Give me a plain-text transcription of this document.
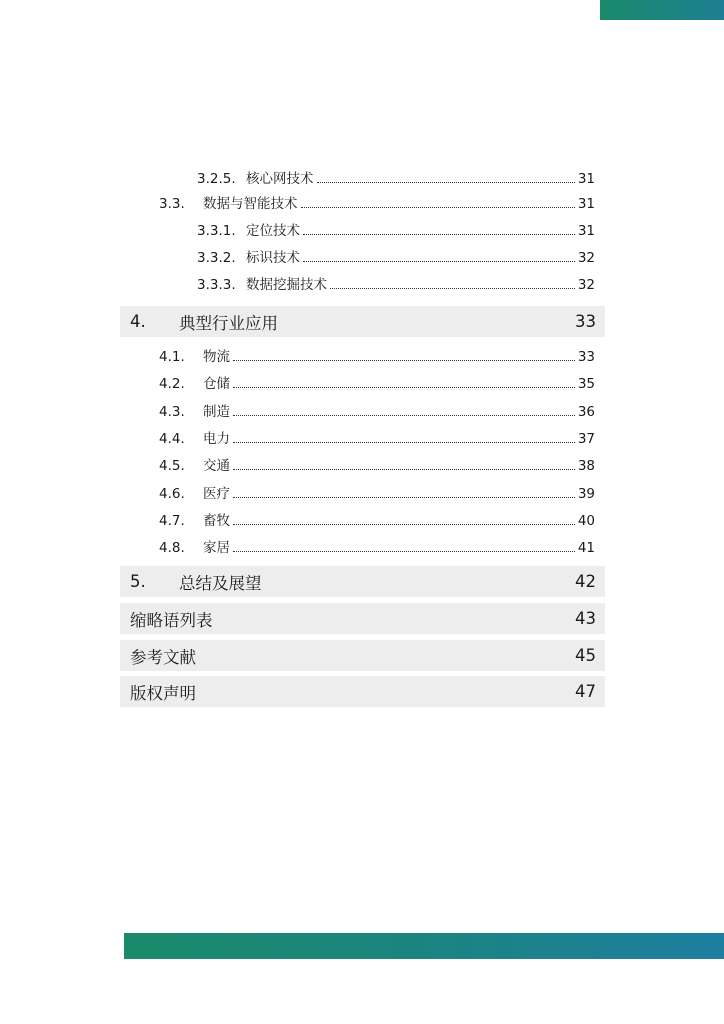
3.2.5. 核心网技术	31
3.3.	数据与智能技术	31
3.3.1. 定位技术	31
3.3.2. 标识技术	32
3.3.3. 数据挖掘技术	32
4.	典型行业应用	33
4.1.	物流	33
4.2.	仓储	35
4.3.	制造	36
4.4.	电力	37
4.5.	交通	38
4.6.	医疗	39
4.7.	畜牧	40
4.8.	家居	41
5.	总结及展望	42
缩略语列表	43
参考文献	45
版权声明	47
